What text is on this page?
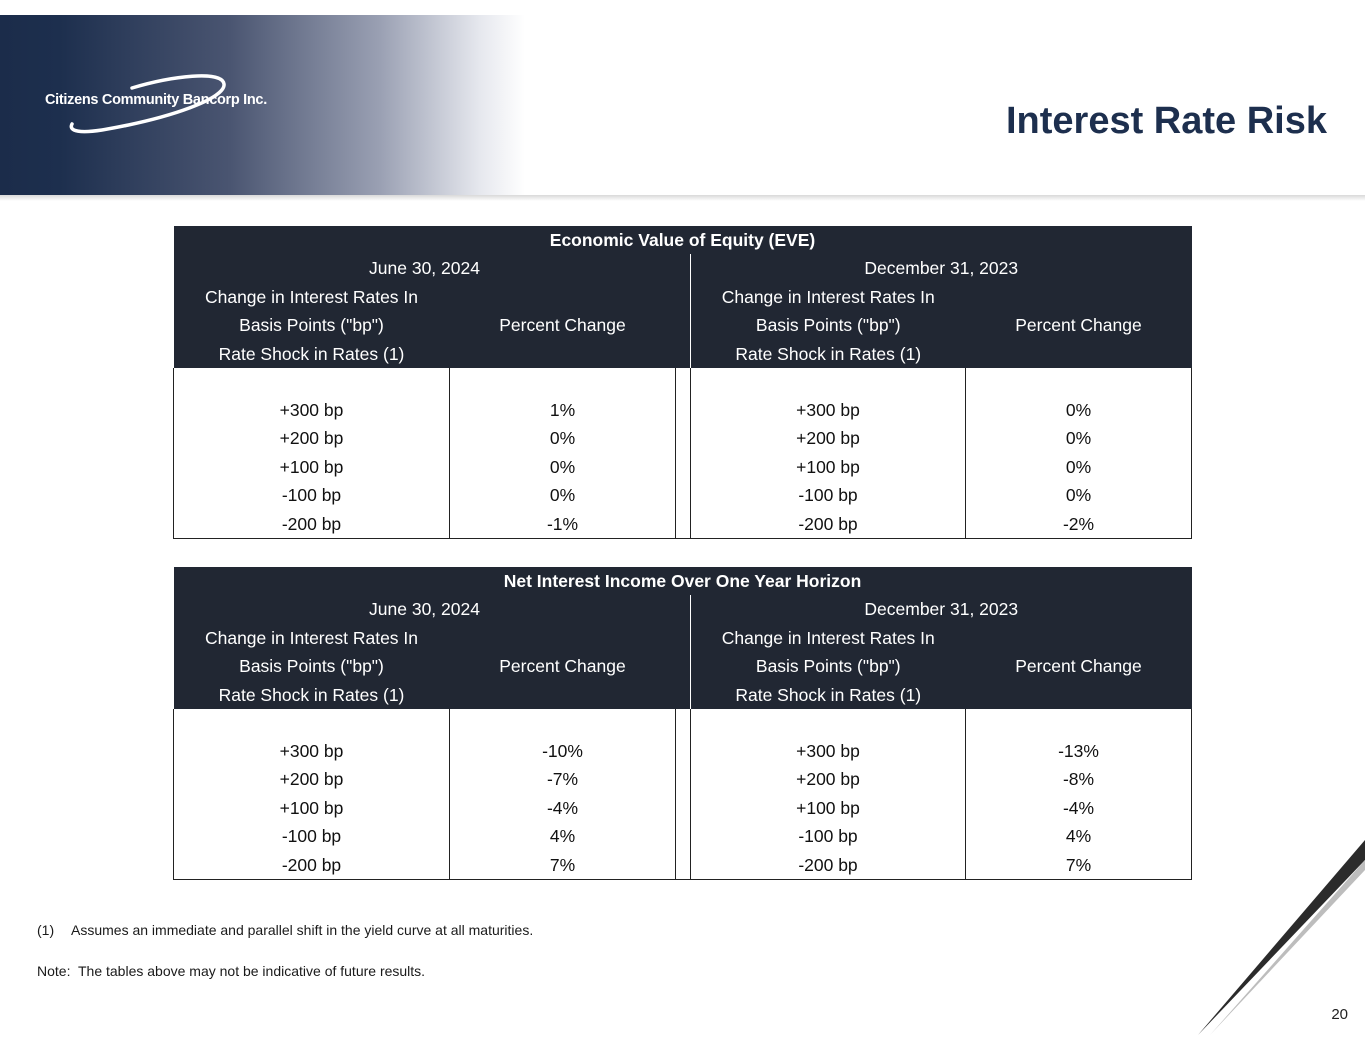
Citizens Community Bancorp Inc.	Interest Rate Risk
Economic Value of Equity (EVE)				
June 30, 2024			December 31, 2023	
Change in Interest Rates In			Change in Interest Rates In	
Basis Points ("bp")	Percent Change		Basis Points ("bp")	Percent Change
Rate Shock in Rates (1)			Rate Shock in Rates (1)	

+300 bp	1%		+300 bp	0%
+200 bp	0%		+200 bp	0%
+100 bp	0%		+100 bp	0%
-100 bp	0%		-100 bp	0%
-200 bp	-1%		-200 bp	-2%
Net Interest Income Over One Year Horizon				
June 30, 2024			December 31, 2023	
Change in Interest Rates In			Change in Interest Rates In	
Basis Points ("bp")	Percent Change		Basis Points ("bp")	Percent Change
Rate Shock in Rates (1)			Rate Shock in Rates (1)	

+300 bp	-10%		+300 bp	-13%
+200 bp	-7%		+200 bp	-8%
+100 bp	-4%		+100 bp	-4%
-100 bp	4%		-100 bp	4%
-200 bp	7%		-200 bp	7%
(1) Assumes an immediate and parallel shift in the yield curve at all maturities.
Note:  The tables above may not be indicative of future results.
20
